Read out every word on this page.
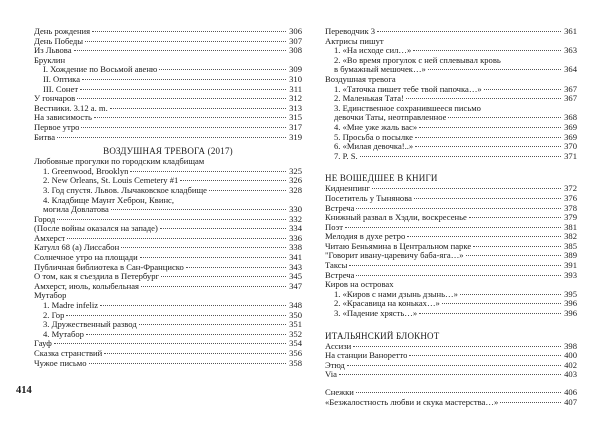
День рождения	306
День Победы	307
Из Львова	308
Бруклин
I. Хождение по Восьмой авеню	309
II. Оптика	310
III. Сонет	311
У гончаров	312
Вестники. 3.12 a. m.	313
На зависимость	315
Первое утро	317
Битва	319
ВОЗДУШНАЯ ТРЕВОГА (2017)
Любовные прогулки по городским кладбищам
1. Greenwood, Brooklyn	325
2. New Orleans, St. Louis Cemetery #1	326
3. Год спустя. Львов. Лычаковское кладбище	328
4. Кладбище Маунт Хеброн, Квинс,
могила Довлатова	330
Город	332
(После войны оказался на западе)	334
Амхерст	336
Катулл 68 (а) Лиссабон	338
Солнечное утро на площади	341
Публичная библиотека в Сан-Франциско	343
О том, как я съездила в Петербург	345
Амхерст, июль, колыбельная	347
Мутабор
1. Madre infeliz	348
2. Гор	350
3. Дружественный развод	351
4. Мутабор	352
Гауф	354
Сказка странствий	356
Чужое письмо	358
Переводчик 3	361
Актрисы пишут
1. «На исходе сил…»	363
2. «Во время прогулок с ней сплевывал кровь
в бумажный мешочек…»	364
Воздушная тревога
1. «Таточка пишет тебе твой папочка…»	367
2. Маленькая Тата!	367
3. Единственное сохранившееся письмо
девочки Таты, неотправленное	368
4. «Мне уже жаль вас»	369
5. Просьба о посылке	369
6. «Милая девочка!..»	370
7. P. S.	371
НЕ ВОШЕДШЕЕ В КНИГИ
Кидненпинг	372
Посетитель у Тынянова	376
Встреча	378
Книжный развал в Хэдли, воскресенье	379
Поэт	381
Мелодия в духе ретро	382
Читаю Беньямина в Центральном парке	385
"Говорит ивану-царевичу баба-яга…»	389
Таксы	391
Встреча	393
Киров на островах
1. «Киров с нами дзынь дзынь…»	395
2. «Красавица на коньках…»	396
3. «Падение хрясть…»	396
ИТАЛЬЯНСКИЙ БЛОКНОТ
Ассизи	398
На станции Ваноретто	400
Этюд	402
Via	403
Снежки	406
«Безжалостность любви и скука мастерства…»	407
414
